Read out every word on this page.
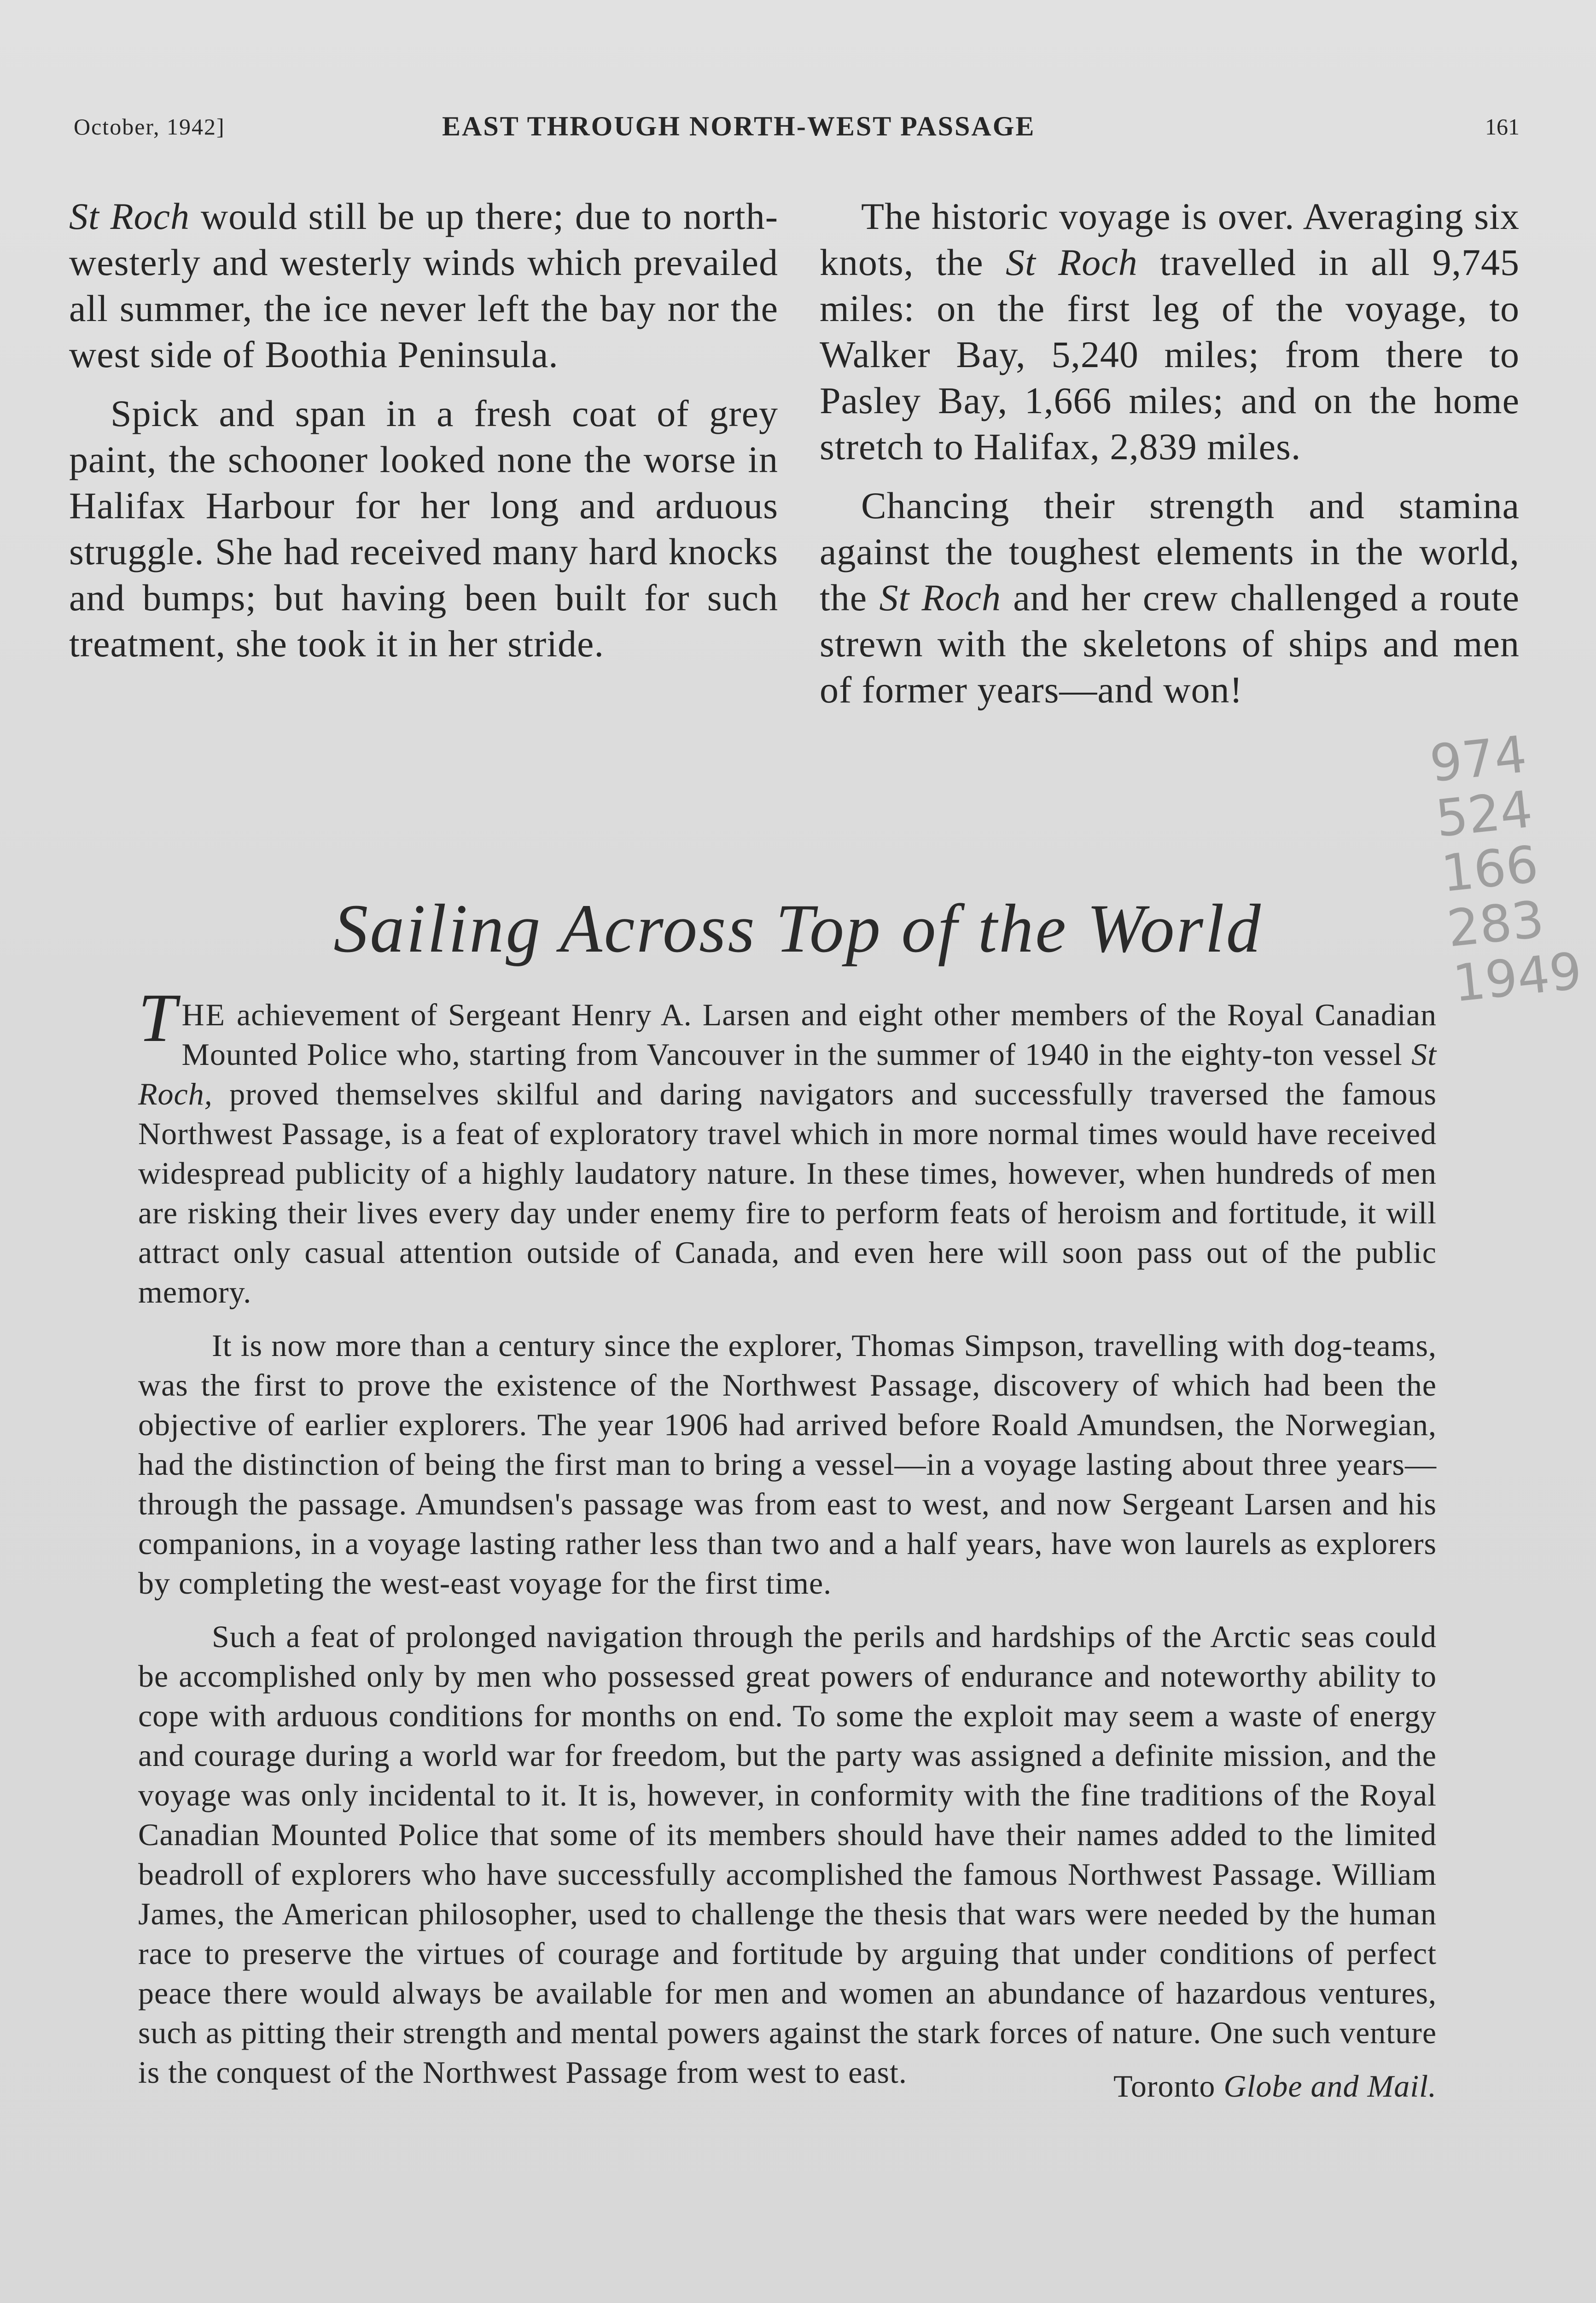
October, 1942]	EAST THROUGH NORTH-WEST PASSAGE	161

St Roch would still be up there; due to north-westerly and westerly winds which prevailed all summer, the ice never left the bay nor the west side of Boothia Peninsula.

Spick and span in a fresh coat of grey paint, the schooner looked none the worse in Halifax Harbour for her long and arduous struggle. She had received many hard knocks and bumps; but having been built for such treatment, she took it in her stride.

The historic voyage is over. Averaging six knots, the St Roch travelled in all 9,745 miles: on the first leg of the voyage, to Walker Bay, 5,240 miles; from there to Pasley Bay, 1,666 miles; and on the home stretch to Halifax, 2,839 miles.

Chancing their strength and stamina against the toughest elements in the world, the St Roch and her crew challenged a route strewn with the skeletons of ships and men of former years—and won!

974
524
166
283
1949
Sailing Across Top of the World

THE achievement of Sergeant Henry A. Larsen and eight other members of the Royal Canadian Mounted Police who, starting from Vancouver in the summer of 1940 in the eighty-ton vessel St Roch, proved themselves skilful and daring navigators and successfully traversed the famous Northwest Passage, is a feat of exploratory travel which in more normal times would have received widespread publicity of a highly laudatory nature. In these times, however, when hundreds of men are risking their lives every day under enemy fire to perform feats of heroism and fortitude, it will attract only casual attention outside of Canada, and even here will soon pass out of the public memory.

It is now more than a century since the explorer, Thomas Simpson, travelling with dog-teams, was the first to prove the existence of the Northwest Passage, discovery of which had been the objective of earlier explorers. The year 1906 had arrived before Roald Amundsen, the Norwegian, had the distinction of being the first man to bring a vessel—in a voyage lasting about three years—through the passage. Amundsen's passage was from east to west, and now Sergeant Larsen and his companions, in a voyage lasting rather less than two and a half years, have won laurels as explorers by completing the west-east voyage for the first time.

Such a feat of prolonged navigation through the perils and hardships of the Arctic seas could be accomplished only by men who possessed great powers of endurance and noteworthy ability to cope with arduous conditions for months on end. To some the exploit may seem a waste of energy and courage during a world war for freedom, but the party was assigned a definite mission, and the voyage was only incidental to it. It is, however, in conformity with the fine traditions of the Royal Canadian Mounted Police that some of its members should have their names added to the limited beadroll of explorers who have successfully accomplished the famous Northwest Passage. William James, the American philosopher, used to challenge the thesis that wars were needed by the human race to preserve the virtues of courage and fortitude by arguing that under conditions of perfect peace there would always be available for men and women an abundance of hazardous ventures, such as pitting their strength and mental powers against the stark forces of nature. One such venture is the conquest of the Northwest Passage from west to east.	Toronto Globe and Mail.
